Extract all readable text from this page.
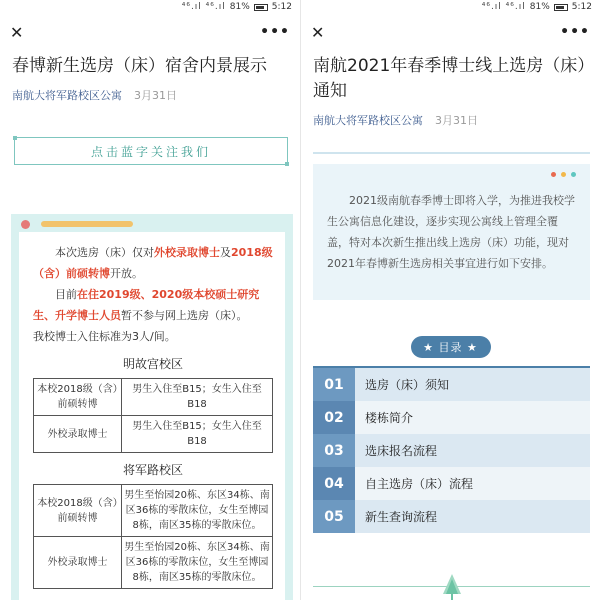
⁴⁶.ıl ⁴⁶.ıl 81% 5:12
✕	•••
春博新生选房（床）宿舍内景展示
南航大将军路校区公寓 3月31日
点击蓝字关注我们

  本次选房（床）仅对外校录取博士及2018级（含）前硕转博开放。

  目前在住2019级、2020级本校硕士研究生、升学博士人员暂不参与网上选房（床）。

我校博士入住标准为3人/间。

明故宫校区
本校2018级（含）前硕转博	男生入住至B15；女生入住至B18
外校录取博士	男生入住至B15；女生入住至B18
将军路校区
本校2018级（含）前硕转博	男生至怡园20栋、东区34栋、南区36栋的零散床位，女生至博园8栋，南区35栋的零散床位。
外校录取博士	男生至怡园20栋、东区34栋、南区36栋的零散床位，女生至博园8栋，南区35栋的零散床位。
⁴⁶.ıl ⁴⁶.ıl 81% 5:12
✕	•••
南航2021年春季博士线上选房（床）通知
南航大将军路校区公寓 3月31日

2021级南航春季博士即将入学，为推进我校学生公寓信息化建设，逐步实现公寓线上管理全覆盖，特对本次新生推出线上选房（床）功能，现对2021年春博新生选房相关事宜进行如下安排。

★ 目录 ★
01	选房（床）须知
02	楼栋简介
03	选床报名流程
04	自主选房（床）流程
05	新生查询流程
